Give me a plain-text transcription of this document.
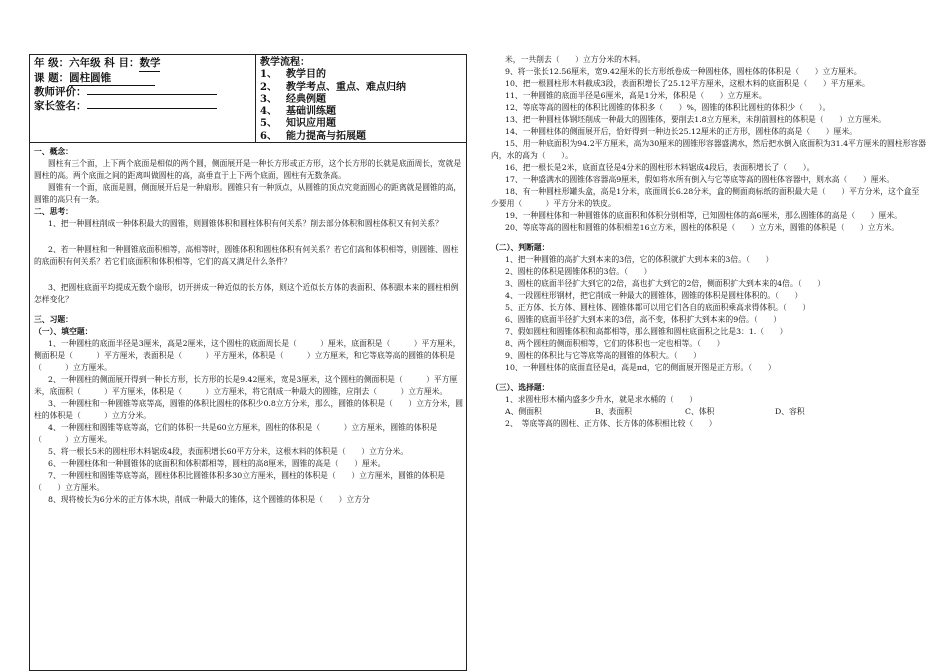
年 级：六年级 科 目：数学
课 题：圆柱圆锥
教师评价：
家长签名：
教学流程：
1、 教学目的
2、 教学考点、重点、难点归纳
3、 经典例题
4、 基础训练题
5、 知识应用题
6、 能力提高与拓展题

一、概念：

圆柱有三个面，上下两个底面是相似的两个圆，侧面展开是一种长方形或正方形，这个长方形的长就是底面周长，宽就是圆柱的高。两个底面之间的距离叫做圆柱的高，高垂直于上下两个底面，圆柱有无数条高。

圆锥有一个面，底面是圆，侧面展开后是一种扇形。圆锥只有一种顶点，从圆锥的顶点究竟面圆心的距离就是圆锥的高，圆锥的高只有一条。

二、思考：

1、把一种圆柱削成一种体积最大的圆锥，则圆锥体积和圆柱体积有何关系？削去部分体积和圆柱体积又有何关系？

2、若一种圆柱和一种圆锥底面积相等，高相等时，圆锥体积和圆柱体积有何关系？若它们高和体积相等，则圆锥、圆柱的底面积有何关系？若它们底面积和体积相等，它们的高又满足什么条件？

3、把圆柱底面平均提成无数个扇形，切开拼成一种近似的长方体，则这个近似长方体的表面积、体积跟本来的圆柱相例怎样变化？

三、习题：

（一）、填空题：

1、一种圆柱的底面半径是3厘米，高是2厘米，这个圆柱的底面周长是（　　　）厘米，底面积是（　　　）平方厘米，侧面积是（　　　）平方厘米，表面积是（　　　）平方厘米，体积是（　　　）立方厘米，和它等底等高的圆锥的体积是（　　　）立方厘米。

2、一种圆柱的侧面展开得到一种长方形，长方形的长是9.42厘米，宽是3厘米，这个圆柱的侧面积是（　　　）平方厘米，底面积（　　　）平方厘米，体积是（　　　）立方厘米，将它削成一种最大的圆锥，应削去（　　　）立方厘米。

3、一种圆柱和一种圆锥等底等高，圆锥的体积比圆柱的体积少0.8立方分米，那么，圆锥的体积是（　　）立方分米，圆柱的体积是（　　　）立方分米。

4、一种圆柱和圆锥等底等高，它们的体积一共是60立方厘米，圆柱的体积是（　　　）立方厘米，圆锥的体积是（　　　）立方厘米。

5、将一根长5米的圆柱形木料锯成4段，表面积增长60平方分米，这根木料的体积是（　　）立方分米。

6、一种圆柱体和一种圆锥体的底面积和体积都相等，圆柱的高8厘米，圆锥的高是（　　）厘米。

7、一种圆柱和圆锥等底等高，圆柱体积比圆锥体积多30立方厘米，圆柱的体积是（　　）立方厘米，圆锥的体积是（　　）立方厘米。

8、现将棱长为6分米的正方体木块，削成一种最大的锥体，这个圆锥的体积是（　　）立方分

米，一共削去（　　）立方分米的木料。

9、将一张长12.56厘米，宽9.42厘米的长方形纸卷成一种圆柱体，圆柱体的体积是（　　）立方厘米。

10、把一根圆柱形木料截成3段，表面积增长了25.12平方厘米，这根木料的底面积是（　　）平方厘米。

11、一种圆锥的底面半径是6厘米，高是1分米，体积是（　　）立方厘米。

12、等底等高的圆柱的体积比圆锥的体积多（　　）%，圆锥的体积比圆柱的体积少（　　）。

13、把一种圆柱体钢坯削成一种最大的圆锥体，要削去1.8立方厘米，未削前圆柱的体积是（　　）立方厘米。

14、一种圆柱体的侧面展开后，恰好得到一种边长25.12厘米的正方形，圆柱体的高是（　　）厘米。

15、用一种底面积为94.2平方厘米，高为30厘米的圆锥形容器盛满水，然后把水倒入底面积为31.4平方厘米的圆柱形容器内，水的高为（　　）。

16、把一根长是2米，底面直径是4分米的圆柱形木料锯成4段后，表面积增长了（　　）。

17、一种盛满水的圆锥体容器高9厘米，假如将水所有倒入与它等底等高的圆柱体容器中，则水高（　　）厘米。

18、有一种圆柱形罐头盒，高是1分米，底面周长6.28分米，盒的侧面商标纸的面积最大是（　　）平方分米，这个盒至少要用（　　　）平方分米的铁皮。

19、一种圆柱体和一种圆锥体的底面积和体积分别相等，已知圆柱体的高6厘米，那么圆锥体的高是（　　）厘米。

20、等底等高的圆柱和圆锥的体积相差16立方米，圆柱的体积是（　　）立方米，圆锥的体积是（　　）立方米。

（二）、判断题：

1、把一种圆锥的高扩大到本来的3倍，它的体积就扩大到本来的3倍。（　　）

2、圆柱的体积是圆锥体积的3倍。（　　）

3、圆柱的底面半径扩大到它的2倍，高也扩大到它的2倍，侧面积扩大到本来的4倍。（　　）

4、一段圆柱形钢材，把它削成一种最大的圆锥体，圆锥的体积是圆柱体积的。（　　）

5、正方体、长方体、圆柱体、圆锥体都可以用它们各自的底面积乘高求得体积。（　　）

6、圆锥的底面半径扩大到本来的3倍，高不变，体积扩大到本来的9倍。（　　）

7、假如圆柱和圆锥体积和高都相等，那么圆锥和圆柱底面积之比是3：1.（　　）

8、两个圆柱的侧面积相等，它们的体积也一定也相等。（　　）

9、圆柱的体积比与它等底等高的圆锥的体积大。（　　）

10、一种圆柱体的底面直径是d，高是πd，它的侧面展开图是正方形。（　　）

（三）、选择题：

1、求圆柱形木桶内盛多少升水，就是求水桶的（　　）

A、侧面积	B、表面积	C、体积	D、容积

2、　等底等高的圆柱、正方体、长方体的体积相比较（　　）
